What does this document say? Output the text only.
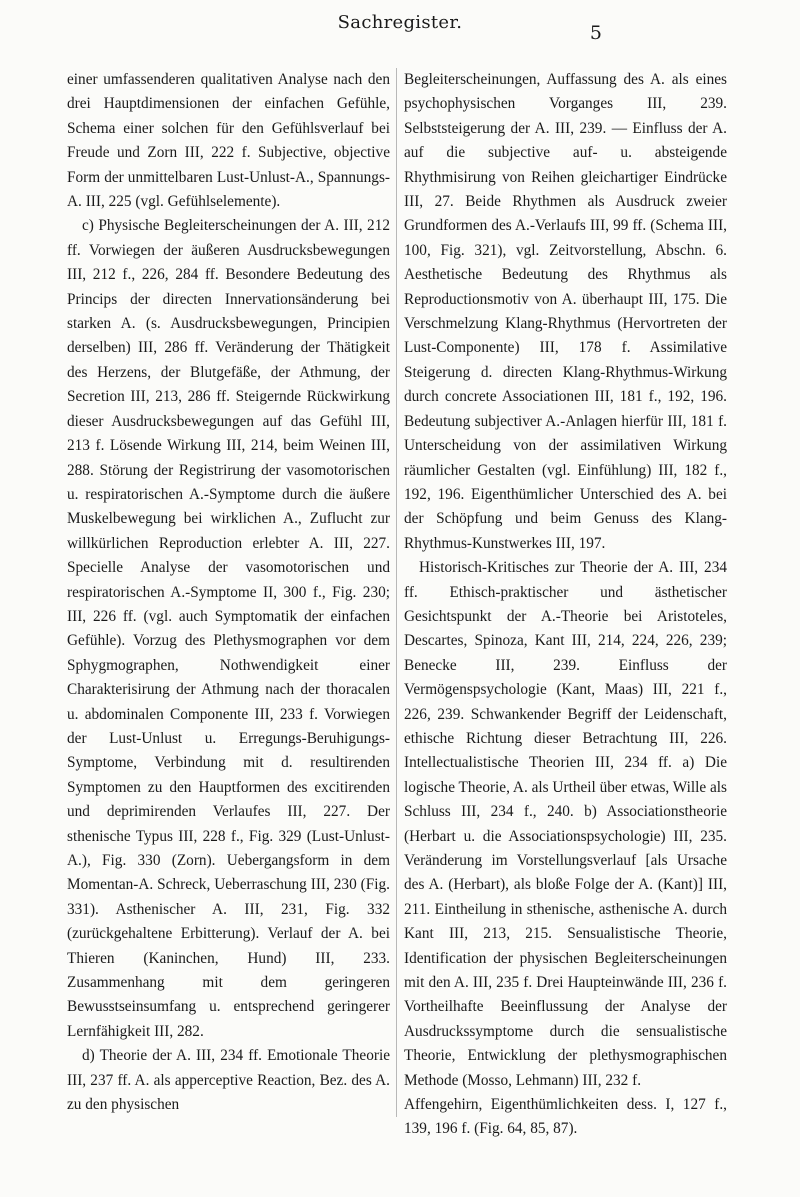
Sachregister.	5

einer umfassenderen qualitativen Analyse nach den drei Hauptdimensionen der einfachen Gefühle, Schema einer solchen für den Gefühlsverlauf bei Freude und Zorn III, 222 f. Subjective, objective Form der unmittelbaren Lust-Unlust-A., Spannungs-A. III, 225 (vgl. Gefühlselemente).

c) Physische Begleiterscheinungen der A. III, 212 ff. Vorwiegen der äußeren Ausdrucksbewegungen III, 212 f., 226, 284 ff. Besondere Bedeutung des Princips der directen Innervationsänderung bei starken A. (s. Ausdrucksbewegungen, Principien derselben) III, 286 ff. Veränderung der Thätigkeit des Herzens, der Blutgefäße, der Athmung, der Secretion III, 213, 286 ff. Steigernde Rückwirkung dieser Ausdrucksbewegungen auf das Gefühl III, 213 f. Lösende Wirkung III, 214, beim Weinen III, 288. Störung der Registrirung der vasomotorischen u. respiratorischen A.-Symptome durch die äußere Muskelbewegung bei wirklichen A., Zuflucht zur willkürlichen Reproduction erlebter A. III, 227. Specielle Analyse der vasomotorischen und respiratorischen A.-Symptome II, 300 f., Fig. 230; III, 226 ff. (vgl. auch Symptomatik der einfachen Gefühle). Vorzug des Plethysmographen vor dem Sphygmographen, Nothwendigkeit einer Charakterisirung der Athmung nach der thoracalen u. abdominalen Componente III, 233 f. Vorwiegen der Lust-Unlust u. Erregungs-Beruhigungs-Symptome, Verbindung mit d. resultirenden Symptomen zu den Hauptformen des excitirenden und deprimirenden Verlaufes III, 227. Der sthenische Typus III, 228 f., Fig. 329 (Lust-Unlust-A.), Fig. 330 (Zorn). Uebergangsform in dem Momentan-A. Schreck, Ueberraschung III, 230 (Fig. 331). Asthenischer A. III, 231, Fig. 332 (zurückgehaltene Erbitterung). Verlauf der A. bei Thieren (Kaninchen, Hund) III, 233. Zusammenhang mit dem geringeren Bewusstseinsumfang u. entsprechend geringerer Lernfähigkeit III, 282.

d) Theorie der A. III, 234 ff. Emotionale Theorie III, 237 ff. A. als apperceptive Reaction, Bez. des A. zu den physischen

Begleiterscheinungen, Auffassung des A. als eines psychophysischen Vorganges III, 239. Selbststeigerung der A. III, 239. — Einfluss der A. auf die subjective auf- u. absteigende Rhythmisirung von Reihen gleichartiger Eindrücke III, 27. Beide Rhythmen als Ausdruck zweier Grundformen des A.-Verlaufs III, 99 ff. (Schema III, 100, Fig. 321), vgl. Zeitvorstellung, Abschn. 6. Aesthetische Bedeutung des Rhythmus als Reproductionsmotiv von A. überhaupt III, 175. Die Verschmelzung Klang-Rhythmus (Hervortreten der Lust-Componente) III, 178 f. Assimilative Steigerung d. directen Klang-Rhythmus-Wirkung durch concrete Associationen III, 181 f., 192, 196. Bedeutung subjectiver A.-Anlagen hierfür III, 181 f. Unterscheidung von der assimilativen Wirkung räumlicher Gestalten (vgl. Einfühlung) III, 182 f., 192, 196. Eigenthümlicher Unterschied des A. bei der Schöpfung und beim Genuss des Klang-Rhythmus-Kunstwerkes III, 197.

Historisch-Kritisches zur Theorie der A. III, 234 ff. Ethisch-praktischer und ästhetischer Gesichtspunkt der A.-Theorie bei Aristoteles, Descartes, Spinoza, Kant III, 214, 224, 226, 239; Benecke III, 239. Einfluss der Vermögenspsychologie (Kant, Maas) III, 221 f., 226, 239. Schwankender Begriff der Leidenschaft, ethische Richtung dieser Betrachtung III, 226. Intellectualistische Theorien III, 234 ff. a) Die logische Theorie, A. als Urtheil über etwas, Wille als Schluss III, 234 f., 240. b) Associationstheorie (Herbart u. die Associationspsychologie) III, 235. Veränderung im Vorstellungsverlauf [als Ursache des A. (Herbart), als bloße Folge der A. (Kant)] III, 211. Eintheilung in sthenische, asthenische A. durch Kant III, 213, 215. Sensualistische Theorie, Identification der physischen Begleiterscheinungen mit den A. III, 235 f. Drei Haupteinwände III, 236 f. Vortheilhafte Beeinflussung der Analyse der Ausdruckssymptome durch die sensualistische Theorie, Entwicklung der plethysmographischen Methode (Mosso, Lehmann) III, 232 f.

Affengehirn, Eigenthümlichkeiten dess. I, 127 f., 139, 196 f. (Fig. 64, 85, 87).
